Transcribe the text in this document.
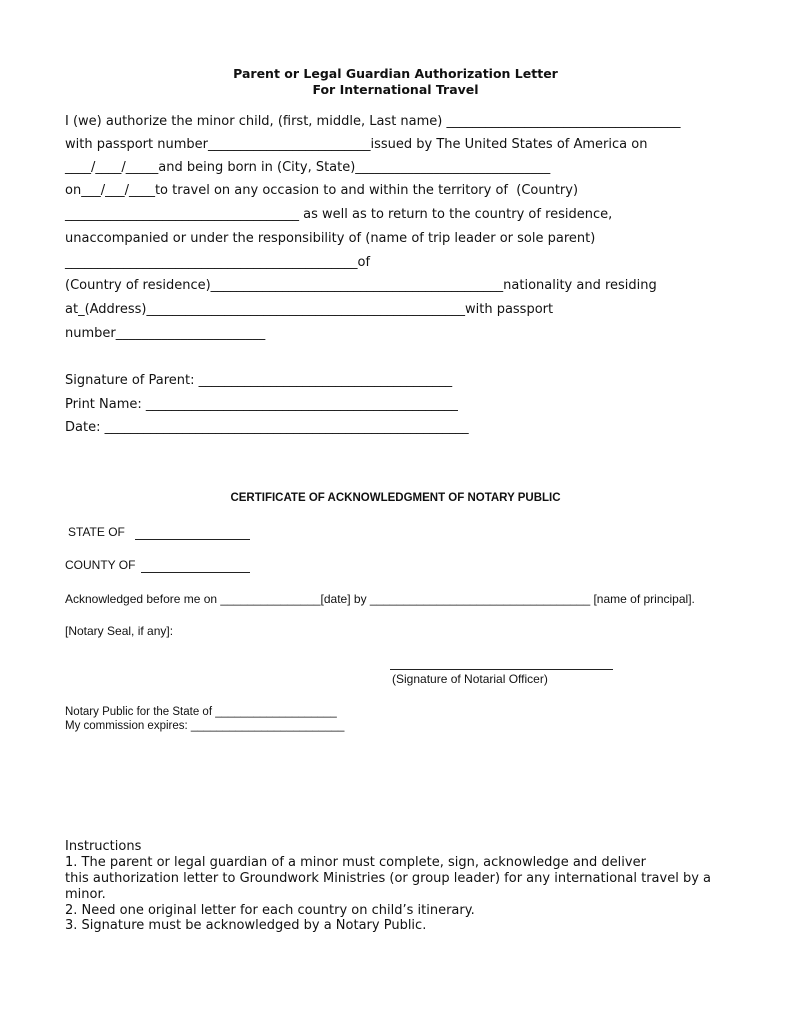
Parent or Legal Guardian Authorization Letter
For International Travel
I (we) authorize the minor child, (first, middle, Last name) ____________________________________
with passport number_________________________issued by The United States of America on
____/____/_____and being born in (City, State)______________________________
on___/___/____to travel on any occasion to and within the territory of  (Country)
____________________________________ as well as to return to the country of residence,
unaccompanied or under the responsibility of (name of trip leader or sole parent)
_____________________________________________of
(Country of residence)_____________________________________________nationality and residing
at_(Address)_________________________________________________with passport
number_______________________
Signature of Parent: _______________________________________
Print Name: ________________________________________________
Date: ________________________________________________________
CERTIFICATE OF ACKNOWLEDGMENT OF NOTARY PUBLIC
STATE OF
COUNTY OF
Acknowledged before me on _______________[date] by _________________________________ [name of principal].
[Notary Seal, if any]:
(Signature of Notarial Officer)
Notary Public for the State of ___________________
My commission expires: ________________________
Instructions
1. The parent or legal guardian of a minor must complete, sign, acknowledge and deliver
this authorization letter to Groundwork Ministries (or group leader) for any international travel by a
minor.
2. Need one original letter for each country on child’s itinerary.
3. Signature must be acknowledged by a Notary Public.
